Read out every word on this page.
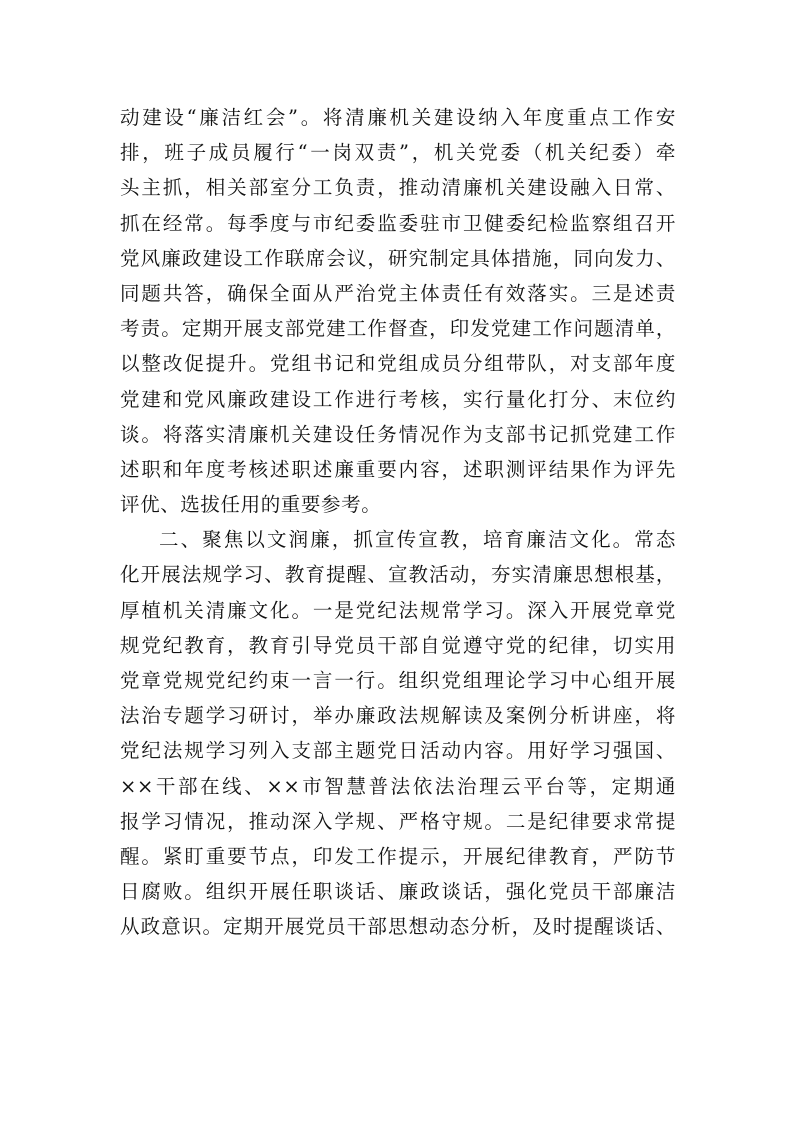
动建设“廉洁红会”。将清廉机关建设纳入年度重点工作安
排，班子成员履行“一岗双责”，机关党委（机关纪委）牵
头主抓，相关部室分工负责，推动清廉机关建设融入日常、
抓在经常。每季度与市纪委监委驻市卫健委纪检监察组召开
党风廉政建设工作联席会议，研究制定具体措施，同向发力、
同题共答，确保全面从严治党主体责任有效落实。三是述责
考责。定期开展支部党建工作督查，印发党建工作问题清单，
以整改促提升。党组书记和党组成员分组带队，对支部年度
党建和党风廉政建设工作进行考核，实行量化打分、末位约
谈。将落实清廉机关建设任务情况作为支部书记抓党建工作
述职和年度考核述职述廉重要内容，述职测评结果作为评先
评优、选拔任用的重要参考。
二、聚焦以文润廉，抓宣传宣教，培育廉洁文化。常态
化开展法规学习、教育提醒、宣教活动，夯实清廉思想根基，
厚植机关清廉文化。一是党纪法规常学习。深入开展党章党
规党纪教育，教育引导党员干部自觉遵守党的纪律，切实用
党章党规党纪约束一言一行。组织党组理论学习中心组开展
法治专题学习研讨，举办廉政法规解读及案例分析讲座，将
党纪法规学习列入支部主题党日活动内容。用好学习强国、
××干部在线、××市智慧普法依法治理云平台等，定期通
报学习情况，推动深入学规、严格守规。二是纪律要求常提
醒。紧盯重要节点，印发工作提示，开展纪律教育，严防节
日腐败。组织开展任职谈话、廉政谈话，强化党员干部廉洁
从政意识。定期开展党员干部思想动态分析，及时提醒谈话、
